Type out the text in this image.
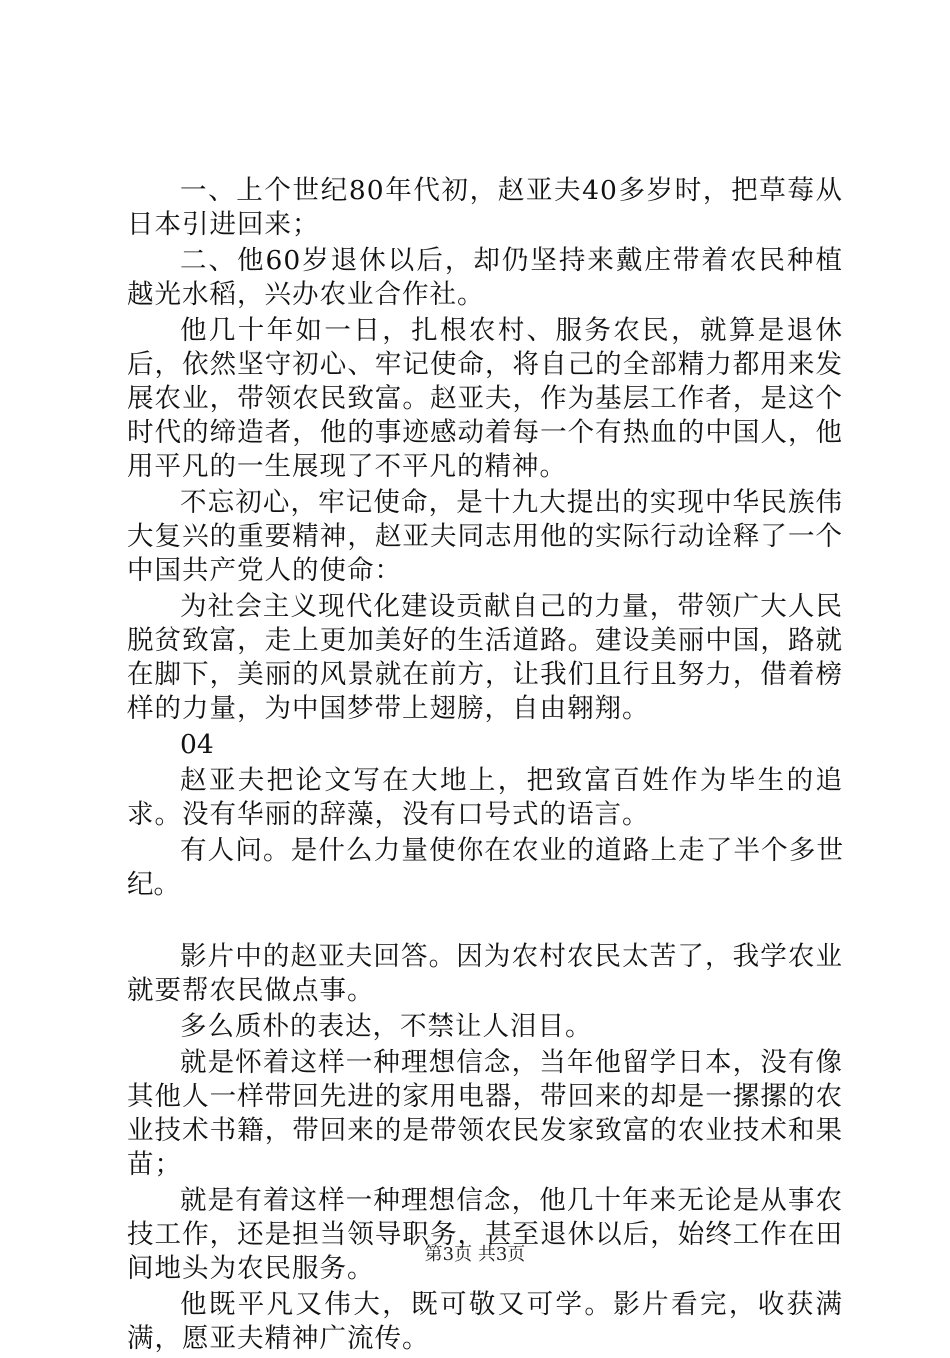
一、上个世纪80年代初，赵亚夫40多岁时，把草莓从日本引进回来；

二、他60岁退休以后，却仍坚持来戴庄带着农民种植越光水稻，兴办农业合作社。

他几十年如一日，扎根农村、服务农民，就算是退休后，依然坚守初心、牢记使命，将自己的全部精力都用来发展农业，带领农民致富。赵亚夫，作为基层工作者，是这个时代的缔造者，他的事迹感动着每一个有热血的中国人，他用平凡的一生展现了不平凡的精神。

不忘初心，牢记使命，是十九大提出的实现中华民族伟大复兴的重要精神，赵亚夫同志用他的实际行动诠释了一个中国共产党人的使命：

为社会主义现代化建设贡献自己的力量，带领广大人民脱贫致富，走上更加美好的生活道路。建设美丽中国，路就在脚下，美丽的风景就在前方，让我们且行且努力，借着榜样的力量，为中国梦带上翅膀，自由翱翔。

04

赵亚夫把论文写在大地上，把致富百姓作为毕生的追求。没有华丽的辞藻，没有口号式的语言。

有人问。是什么力量使你在农业的道路上走了半个多世纪。

影片中的赵亚夫回答。因为农村农民太苦了，我学农业就要帮农民做点事。

多么质朴的表达，不禁让人泪目。

就是怀着这样一种理想信念，当年他留学日本，没有像其他人一样带回先进的家用电器，带回来的却是一摞摞的农业技术书籍，带回来的是带领农民发家致富的农业技术和果苗；

就是有着这样一种理想信念，他几十年来无论是从事农技工作，还是担当领导职务，甚至退休以后，始终工作在田间地头为农民服务。

他既平凡又伟大，既可敬又可学。影片看完，收获满满，愿亚夫精神广流传。

第3页 共3页
